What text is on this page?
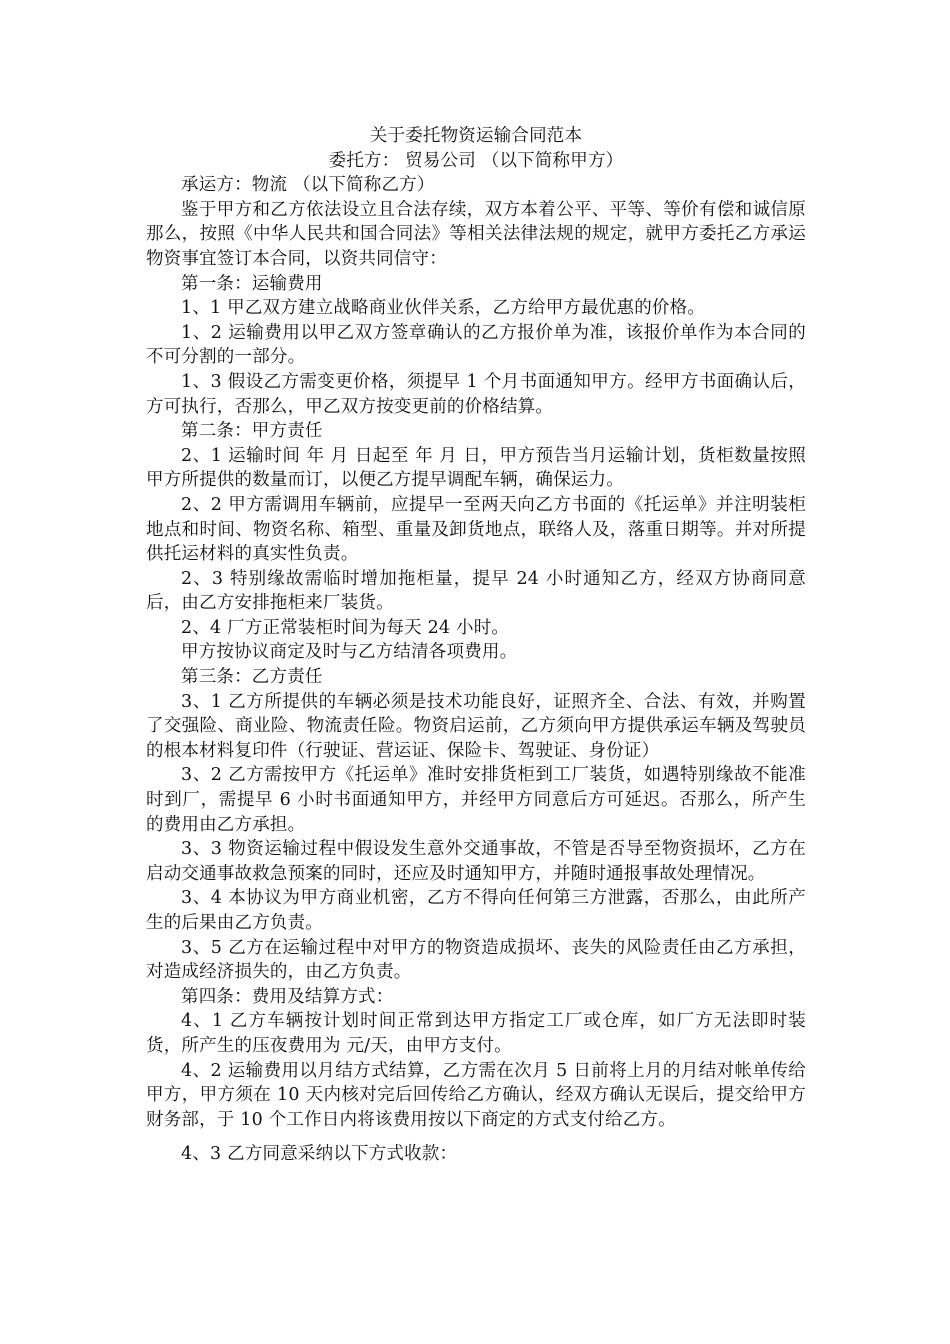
关于委托物资运输合同范本

委托方： 贸易公司 （以下简称甲方）

承运方：物流 （以下简称乙方）

鉴于甲方和乙方依法设立且合法存续，双方本着公平、平等、等价有偿和诚信原那么，按照《中华人民共和国合同法》等相关法律法规的规定，就甲方委托乙方承运物资事宜签订本合同，以资共同信守：

第一条：运输费用

1、1 甲乙双方建立战略商业伙伴关系，乙方给甲方最优惠的价格。

1、2 运输费用以甲乙双方签章确认的乙方报价单为准，该报价单作为本合同的不可分割的一部分。

1、3 假设乙方需变更价格，须提早 1 个月书面通知甲方。经甲方书面确认后，方可执行，否那么，甲乙双方按变更前的价格结算。

第二条：甲方责任

2、1 运输时间 年 月 日起至 年 月 日，甲方预告当月运输计划，货柜数量按照甲方所提供的数量而订，以便乙方提早调配车辆，确保运力。

2、2 甲方需调用车辆前，应提早一至两天向乙方书面的《托运单》并注明装柜地点和时间、物资名称、箱型、重量及卸货地点，联络人及，落重日期等。并对所提供托运材料的真实性负责。

2、3 特别缘故需临时增加拖柜量，提早 24 小时通知乙方，经双方协商同意后，由乙方安排拖柜来厂装货。

2、4 厂方正常装柜时间为每天 24 小时。

甲方按协议商定及时与乙方结清各项费用。

第三条：乙方责任

3、1 乙方所提供的车辆必须是技术功能良好，证照齐全、合法、有效，并购置了交强险、商业险、物流责任险。物资启运前，乙方须向甲方提供承运车辆及驾驶员的根本材料复印件（行驶证、营运证、保险卡、驾驶证、身份证）

3、2 乙方需按甲方《托运单》准时安排货柜到工厂装货，如遇特别缘故不能准时到厂，需提早 6 小时书面通知甲方，并经甲方同意后方可延迟。否那么，所产生的费用由乙方承担。

3、3 物资运输过程中假设发生意外交通事故，不管是否导至物资损坏，乙方在启动交通事故救急预案的同时，还应及时通知甲方，并随时通报事故处理情况。

3、4 本协议为甲方商业机密，乙方不得向任何第三方泄露，否那么，由此所产生的后果由乙方负责。

3、5 乙方在运输过程中对甲方的物资造成损坏、丧失的风险责任由乙方承担，对造成经济损失的，由乙方负责。

第四条：费用及结算方式：

4、1 乙方车辆按计划时间正常到达甲方指定工厂或仓库，如厂方无法即时装货，所产生的压夜费用为 元/天，由甲方支付。

4、2 运输费用以月结方式结算，乙方需在次月 5 日前将上月的月结对帐单传给甲方，甲方须在 10 天内核对完后回传给乙方确认，经双方确认无误后，提交给甲方财务部，于 10 个工作日内将该费用按以下商定的方式支付给乙方。

4、3 乙方同意采纳以下方式收款：
